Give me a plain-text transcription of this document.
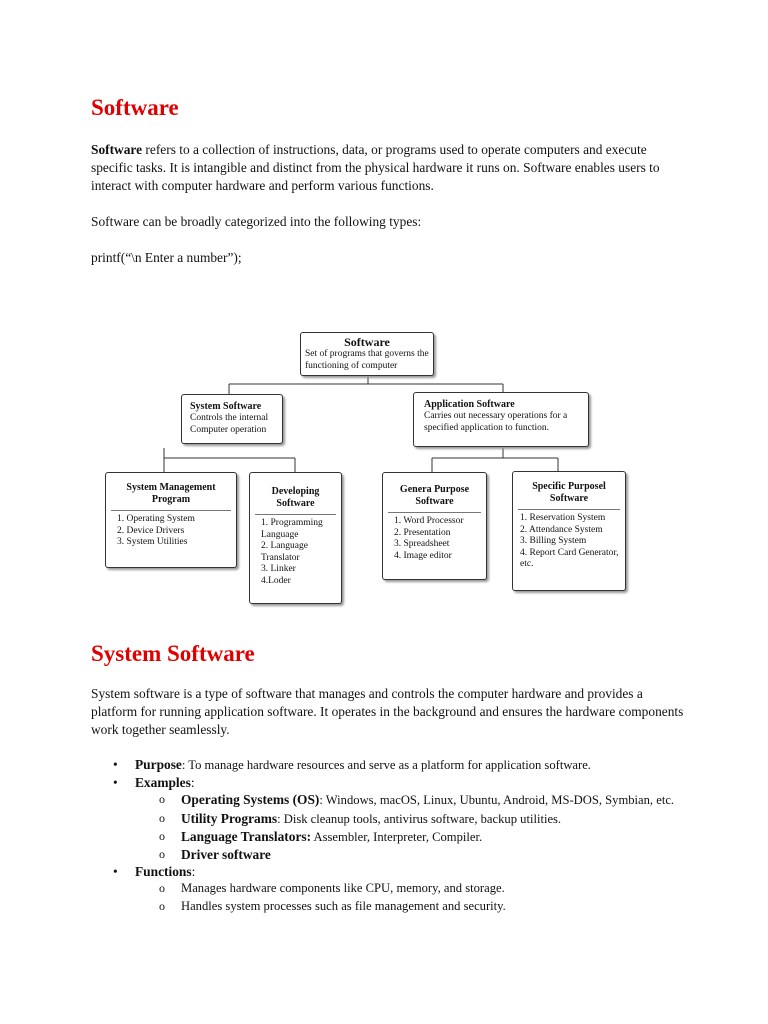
Software

Software refers to a collection of instructions, data, or programs used to operate computers and execute specific tasks. It is intangible and distinct from the physical hardware it runs on. Software enables users to interact with computer hardware and perform various functions.

Software can be broadly categorized into the following types:

printf(“\n Enter a number”);

Software
Set of programs that governs the functioning of computer
System Software
Controls the internal Computer operation
Application Software
Carries out necessary operations for a specified application to function.
System Management Program
1. Operating System
2. Device Drivers
3. System Utilities
Developing Software
1. Programming Language
2. Language Translator
3. Linker
4.Loder
Genera Purpose Software
1. Word Processor
2. Presentation
3. Spreadsheet
4. Image editor
Specific Purposel Software
1. Reservation System
2. Attendance System
3. Billing System
4. Report Card Generator, etc.
System Software

System software is a type of software that manages and controls the computer hardware and provides a platform for running application software. It operates in the background and ensures the hardware components work together seamlessly.

• Purpose: To manage hardware resources and serve as a platform for application software.
• Examples:
o Operating Systems (OS): Windows, macOS, Linux, Ubuntu, Android, MS-DOS, Symbian, etc.
o Utility Programs: Disk cleanup tools, antivirus software, backup utilities.
o Language Translators: Assembler, Interpreter, Compiler.
o Driver software
• Functions:
o Manages hardware components like CPU, memory, and storage.
o Handles system processes such as file management and security.
